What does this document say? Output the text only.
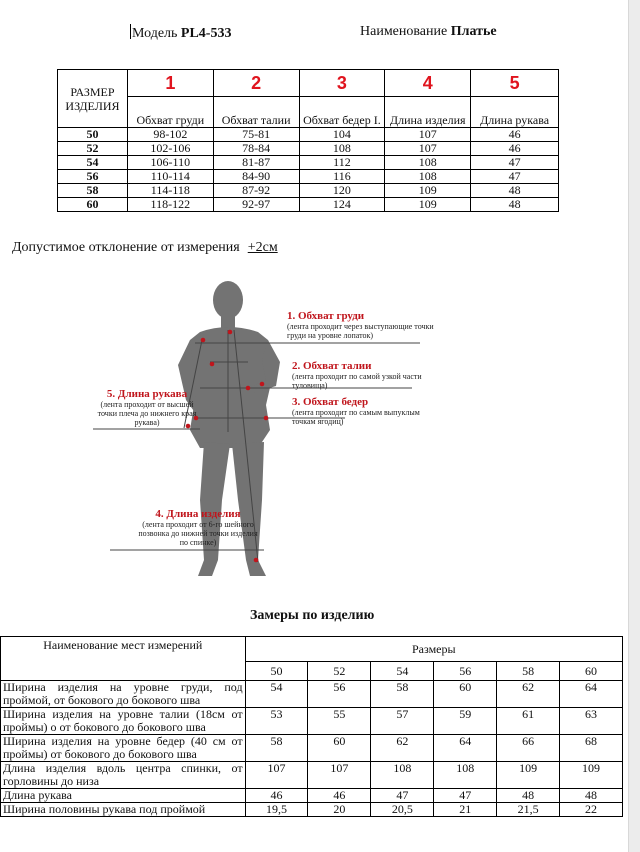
Модель PL4-533	Наименование Платье
РАЗМЕР ИЗДЕЛИЯ	1	2	3	4	5
	Обхват груди	Обхват талии	Обхват бедер I.	Длина изделия	Длина рукава
50	98-102	75-81	104	107	46
52	102-106	78-84	108	107	46
54	106-110	81-87	112	108	47
56	110-114	84-90	116	108	47
58	114-118	87-92	120	109	48
60	118-122	92-97	124	109	48
Допустимое отклонение от измерения +2см
1. Обхват груди
(лента проходит через выступающие точки груди на уровне лопаток)
2. Обхват талии
(лента проходит по самой узкой части туловища)
3. Обхват бедер
(лента проходит по самым выпуклым точкам ягодиц)
5. Длина рукава
(лента проходит от высшей точки плеча до нижнего края рукава)
4. Длина изделия
(лента проходит от 6-го шейного позвонка до нижней точки изделия по спинке)
Замеры по изделию
Наименование мест измерений	Размеры					
	50	52	54	56	58	60
Ширина изделия на уровне груди, под проймой, от бокового до бокового шва	54	56	58	60	62	64
Ширина изделия на уровне талии (18см от проймы) о от бокового до бокового шва	53	55	57	59	61	63
Ширина изделия на уровне бедер (40 см от проймы) от бокового до бокового шва	58	60	62	64	66	68
Длина изделия вдоль центра спинки, от горловины до низа	107	107	108	108	109	109
Длина рукава	46	46	47	47	48	48
Ширина половины рукава под проймой	19,5	20	20,5	21	21,5	22
